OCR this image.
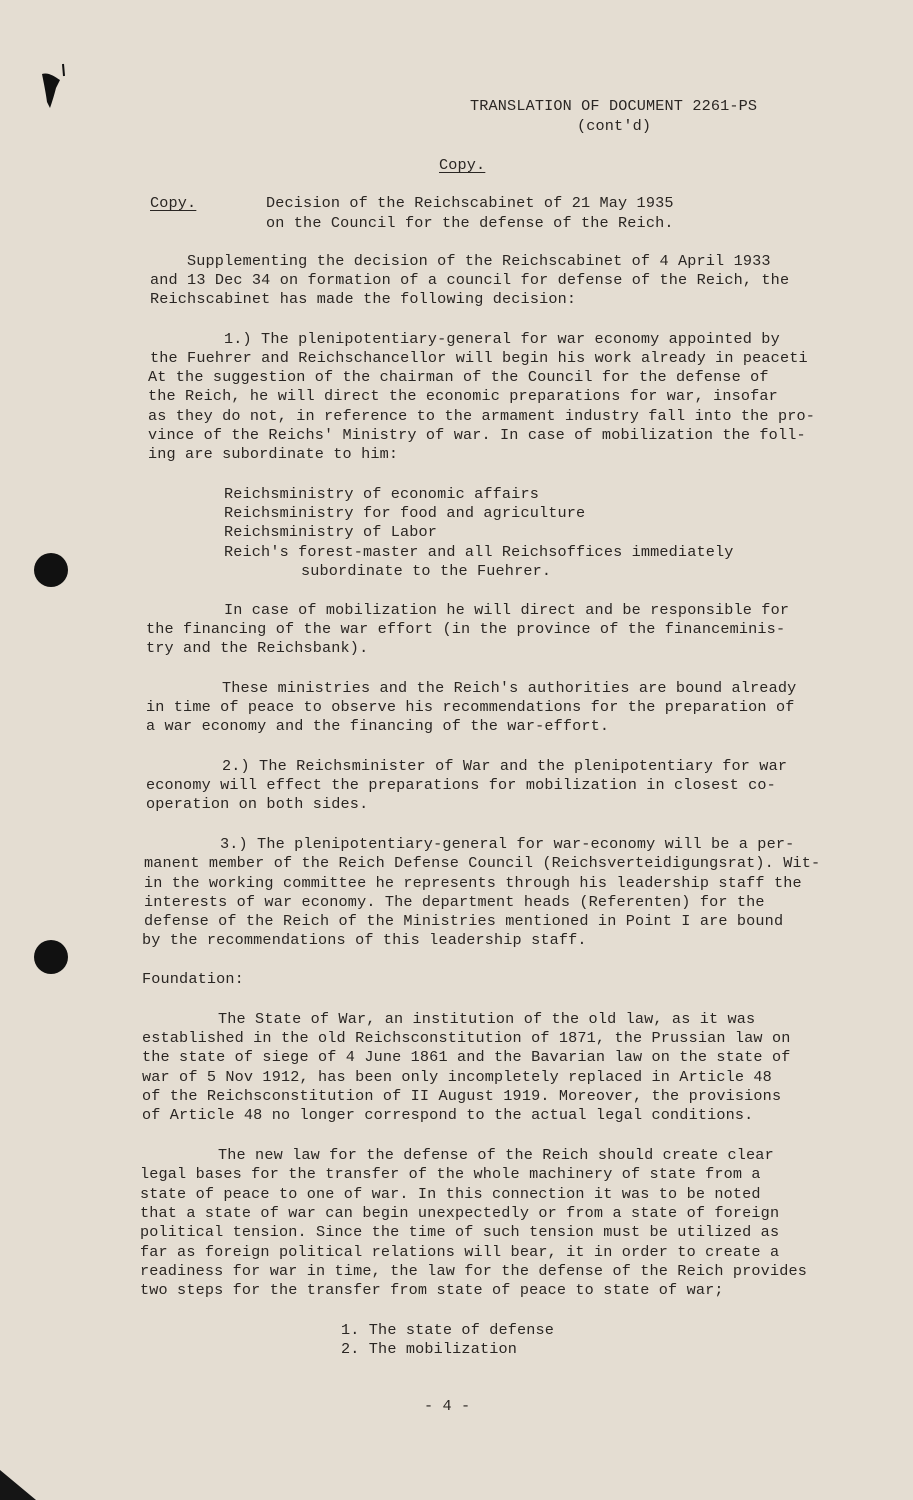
TRANSLATION OF DOCUMENT 2261-PS
(cont'd)
Copy.
Copy.	Decision of the Reichscabinet of 21 May 1935
on the Council for the defense of the Reich.
Supplementing the decision of the Reichscabinet of 4 April 1933
and 13 Dec 34 on formation of a council for defense of the Reich, the
Reichscabinet has made the following decision:
1.) The plenipotentiary-general for war economy appointed by
the Fuehrer and Reichschancellor will begin his work already in peaceti
At the suggestion of the chairman of the Council for the defense of
the Reich, he will direct the economic preparations for war, insofar
as they do not, in reference to the armament industry fall into the pro-
vince of the Reichs' Ministry of war. In case of mobilization the foll-
ing are subordinate to him:
Reichsministry of economic affairs
Reichsministry for food and agriculture
Reichsministry of Labor
Reich's forest-master and all Reichsoffices immediately
subordinate to the Fuehrer.
In case of mobilization he will direct and be responsible for
the financing of the war effort (in the province of the financeminis-
try and the Reichsbank).
These ministries and the Reich's authorities are bound already
in time of peace to observe his recommendations for the preparation of
a war economy and the financing of the war-effort.
2.) The Reichsminister of War and the plenipotentiary for war
economy will effect the preparations for mobilization in closest co-
operation on both sides.
3.) The plenipotentiary-general for war-economy will be a per-
manent member of the Reich Defense Council (Reichsverteidigungsrat). Wit-
in the working committee he represents through his leadership staff the
interests of war economy. The department heads (Referenten) for the
defense of the Reich of the Ministries mentioned in Point I are bound
by the recommendations of this leadership staff.
Foundation:
The State of War, an institution of the old law, as it was
established in the old Reichsconstitution of 1871, the Prussian law on
the state of siege of 4 June 1861 and the Bavarian law on the state of
war of 5 Nov 1912, has been only incompletely replaced in Article 48
of the Reichsconstitution of II August 1919. Moreover, the provisions
of Article 48 no longer correspond to the actual legal conditions.
The new law for the defense of the Reich should create clear
legal bases for the transfer of the whole machinery of state from a
state of peace to one of war. In this connection it was to be noted
that a state of war can begin unexpectedly or from a state of foreign
political tension. Since the time of such tension must be utilized as
far as foreign political relations will bear, it in order to create a
readiness for war in time, the law for the defense of the Reich provides
two steps for the transfer from state of peace to state of war;
1. The state of defense
2. The mobilization
- 4 -
